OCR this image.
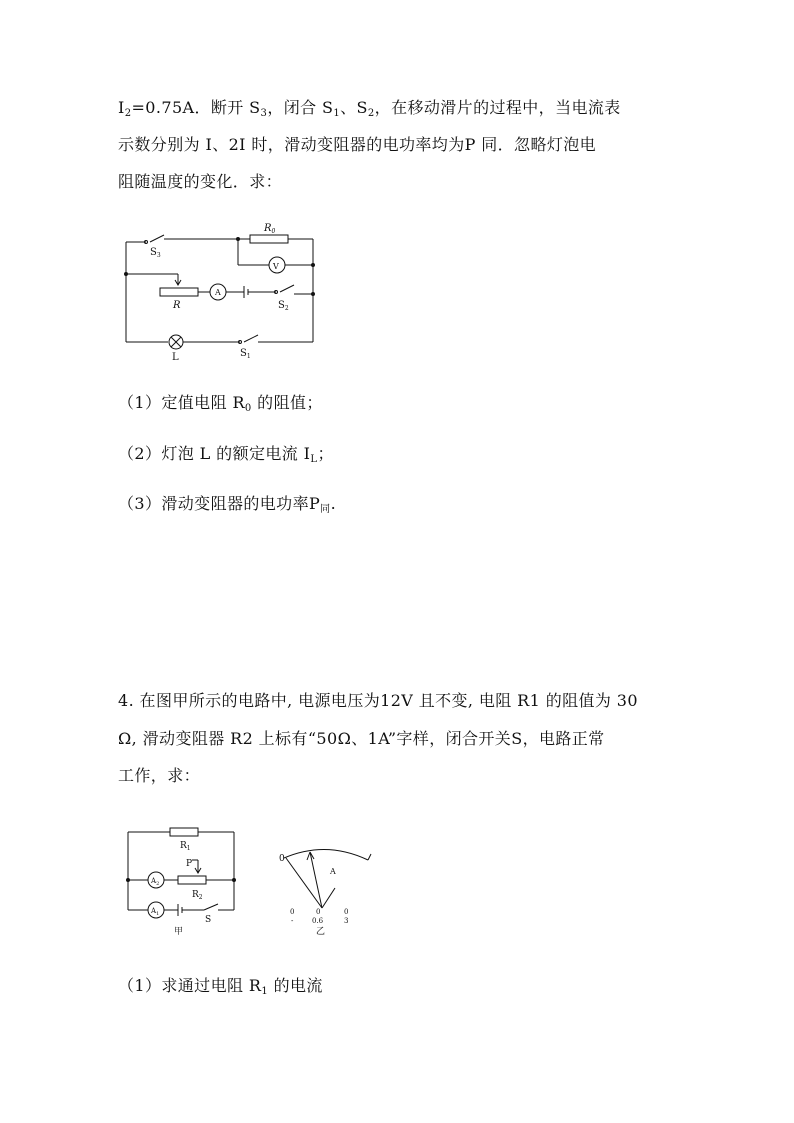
$I_2=0.75A$．断开 $S_3$，闭合 $S_1$、$S_2$，在移动滑片的过程中，当电流表
示数分别为 I、2I 时，滑动变阻器的电功率均为P 同．忽略灯泡电
阻随温度的变化．求：
$R_0$
V
$S_3$
R
A
$S_2$
L	$S_1$
（1）定值电阻 $R_0$ 的阻值；
（2）灯泡 L 的额定电流 $I_L$；
（3）滑动变阻器的电功率$P_同$.
4. 在图甲所示的电路中, 电源电压为12V 且不变, 电阻 R1 的阻值为 30
Ω, 滑动变阻器 R2 上标有“50Ω、1A”字样，闭合开关S，电路正常
工作，求：
$R_1$
P
$R_2$
$A_2$
$A_1$
S
甲
0
A
0
-
0
0.6
0
3
乙
（1）求通过电阻 $R_1$ 的电流
